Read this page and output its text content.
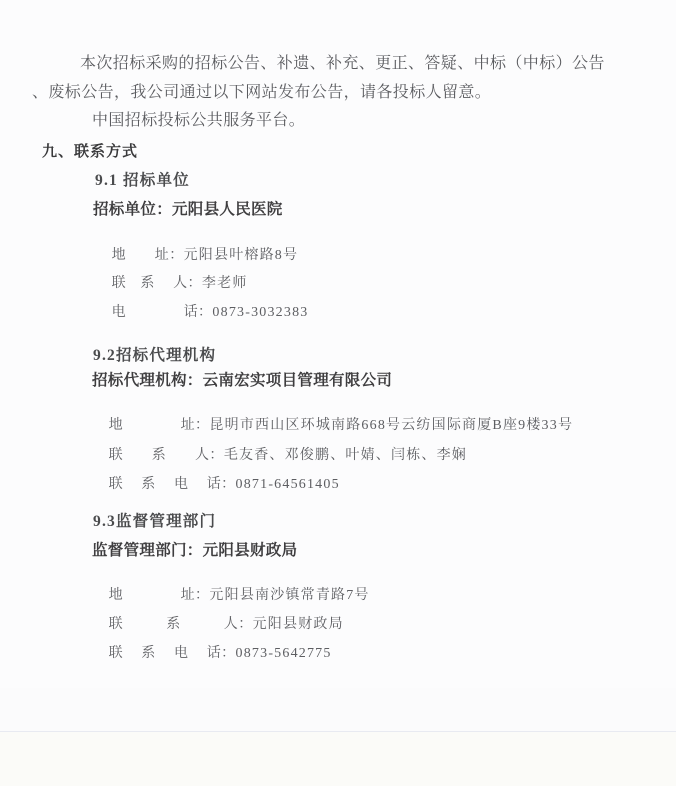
本次招标采购的招标公告、补遗、补充、更正、答疑、中标（中标）公告
、废标公告，我公司通过以下网站发布公告，请各投标人留意。
中国招标投标公共服务平台。
九、联系方式
9.1 招标单位
招标单位：元阳县人民医院

地　　址：元阳县叶榕路8号

联　系　 人：李老师

电　　　　话：0873-3032383

9.2招标代理机构
招标代理机构：云南宏实项目管理有限公司

地　　　　址：昆明市西山区环城南路668号云纺国际商厦B座9楼33号

联　　系　　人：毛友香、邓俊鹏、叶婧、闫栋、李娴

联　 系　 电　 话：0871-64561405

9.3监督管理部门
监督管理部门：元阳县财政局

地　　　　址：元阳县南沙镇常青路7号

联　　　系　　　人：元阳县财政局

联　 系　 电　 话：0873-5642775
